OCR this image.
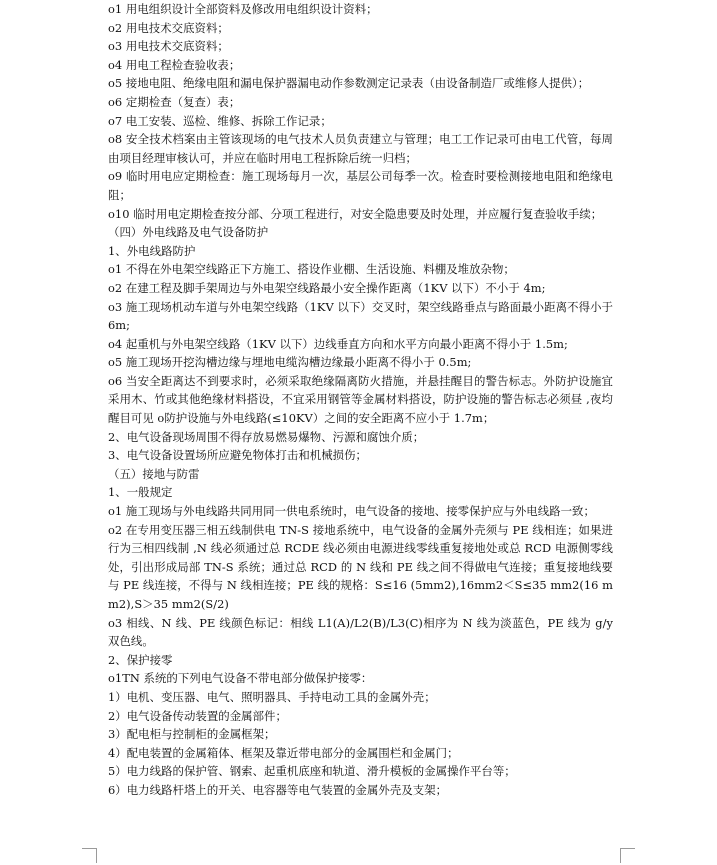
o1 用电组织设计全部资料及修改用电组织设计资料；

o2 用电技术交底资料；

o3 用电技术交底资料；

o4 用电工程检查验收表；

o5 接地电阻、绝缘电阻和漏电保护器漏电动作参数测定记录表（由设备制造厂或维修人提供）；

o6 定期检查（复查）表；

o7 电工安装、巡检、维修、拆除工作记录；

o8 安全技术档案由主管该现场的电气技术人员负责建立与管理；电工工作记录可由电工代管，每周由项目经理审核认可，并应在临时用电工程拆除后统一归档；

o9 临时用电应定期检查：施工现场每月一次，基层公司每季一次。检查时要检测接地电阻和绝缘电阻；

o10 临时用电定期检查按分部、分项工程进行，对安全隐患要及时处理，并应履行复查验收手续；

（四）外电线路及电气设备防护

1、外电线路防护

o1 不得在外电架空线路正下方施工、搭设作业棚、生活设施、料棚及堆放杂物；

o2 在建工程及脚手架周边与外电架空线路最小安全操作距离（1KV 以下）不小于 4m;

o3 施工现场机动车道与外电架空线路（1KV 以下）交叉时，架空线路垂点与路面最小距离不得小于 6m;

o4 起重机与外电架空线路（1KV 以下）边线垂直方向和水平方向最小距离不得小于 1.5m;

o5 施工现场开挖沟槽边缘与埋地电缆沟槽边缘最小距离不得小于 0.5m;

o6 当安全距离达不到要求时，必须采取绝缘隔离防火措施，并悬挂醒目的警告标志。外防护设施宜采用木、竹或其他绝缘材料搭设，不宜采用钢管等金属材料搭设，防护设施的警告标志必须昼 ,夜均醒目可见 o防护设施与外电线路(≤10KV）之间的安全距离不应小于 1.7m；

2、电气设备现场周围不得存放易燃易爆物、污源和腐蚀介质；

3、电气设备设置场所应避免物体打击和机械损伤；

（五）接地与防雷

1、一般规定

o1 施工现场与外电线路共同用同一供电系统时，电气设备的接地、接零保护应与外电线路一致；

o2 在专用变压器三相五线制供电 TN-S 接地系统中，电气设备的金属外壳须与 PE 线相连；如果进行为三相四线制 ,N 线必须通过总 RCDE 线必须由电源进线零线重复接地处或总 RCD 电源侧零线处，引出形成局部 TN-S 系统；通过总 RCD 的 N 线和 PE 线之间不得做电气连接；重复接地线要与 PE 线连接，不得与 N 线相连接；PE 线的规格：S≤16 (5mm2),16mm2＜S≤35 mm2(16 mm2),S＞35 mm2(S/2)

o3 相线、N 线、PE 线颜色标记：相线 L1(A)/L2(B)/L3(C)相序为 N 线为淡蓝色，PE 线为 g/y 双色线。

2、保护接零

o1TN 系统的下列电气设备不带电部分做保护接零：

1）电机、变压器、电气、照明器具、手持电动工具的金属外壳；

2）电气设备传动装置的金属部件；

3）配电柜与控制柜的金属框架；

4）配电装置的金属箱体、框架及靠近带电部分的金属围栏和金属门；

5）电力线路的保护管、钢索、起重机底座和轨道、滑升模板的金属操作平台等；

6）电力线路杆塔上的开关、电容器等电气装置的金属外壳及支架；
